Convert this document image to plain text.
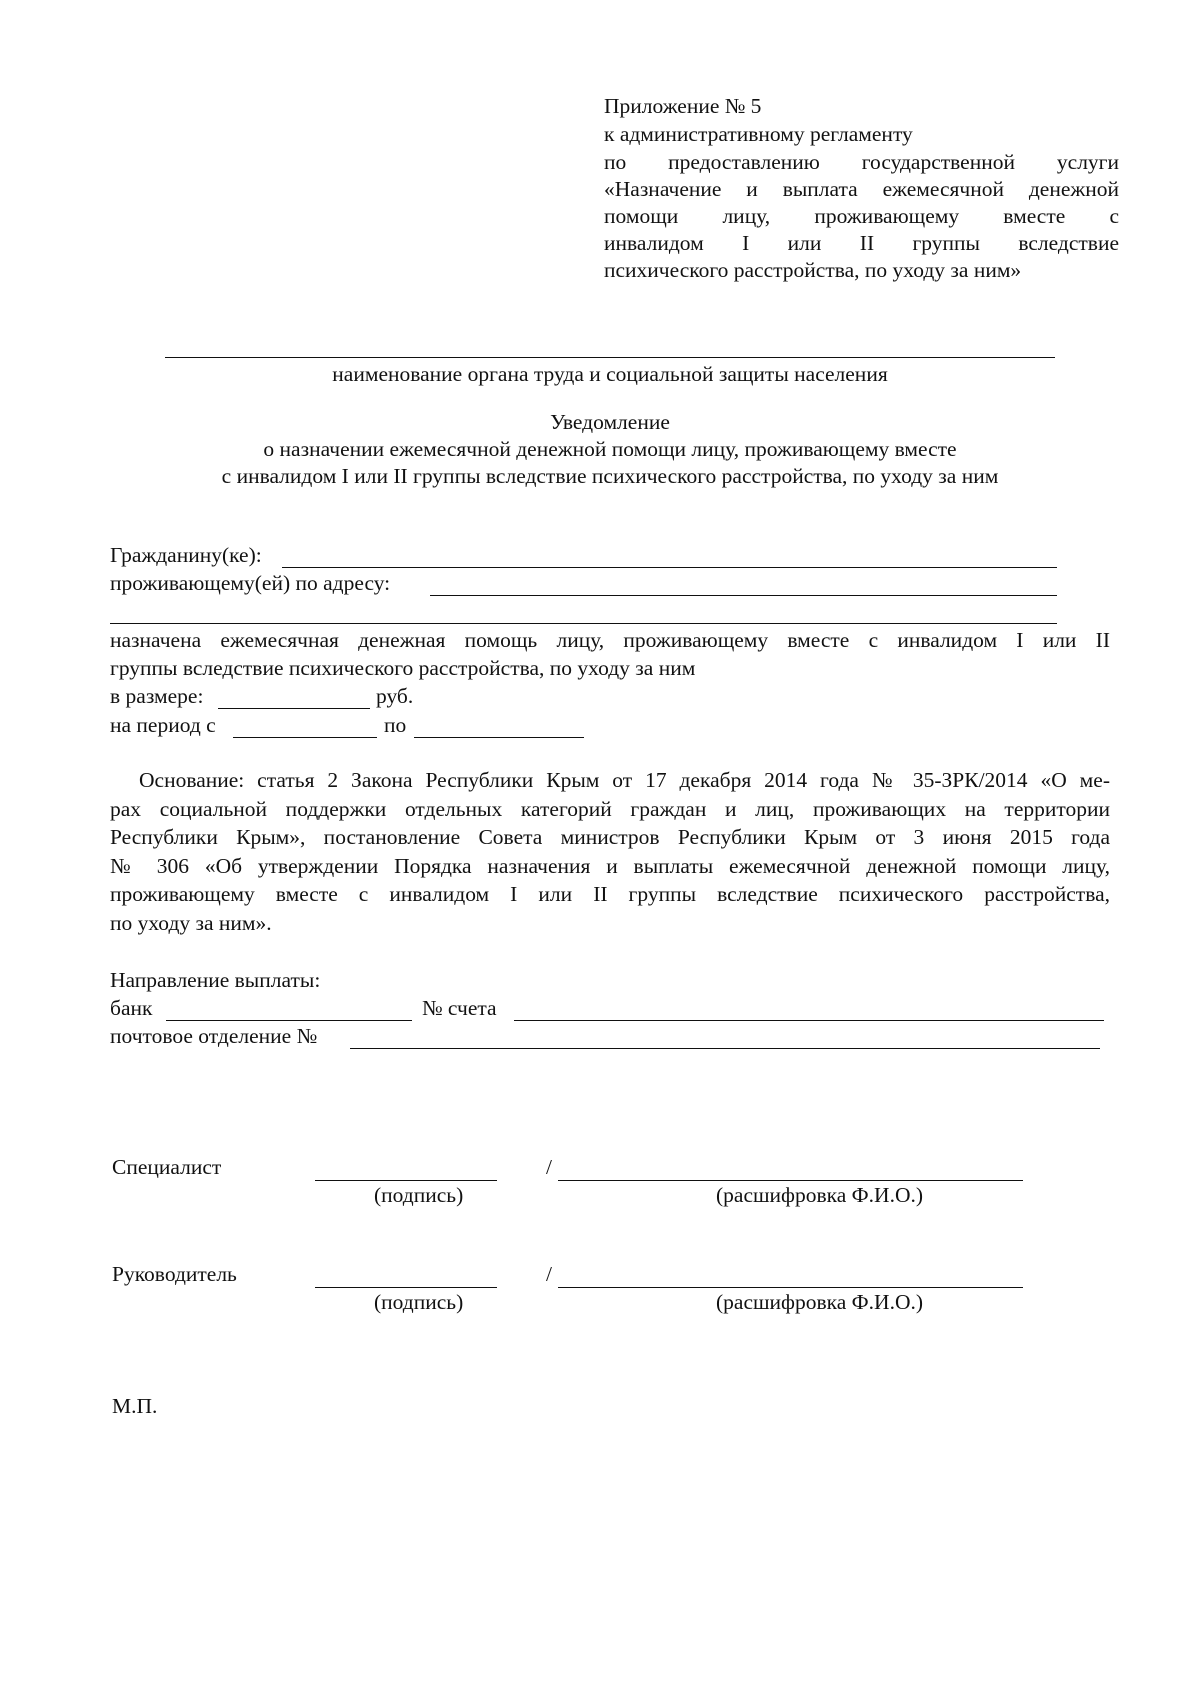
Приложение № 5
к административному регламенту
по предоставлению государственной услуги
«Назначение и выплата ежемесячной денежной
помощи лицу, проживающему вместе с
инвалидом I или II группы вследствие
психического расстройства, по уходу за ним»
наименование органа труда и социальной защиты населения
Уведомление
о назначении ежемесячной денежной помощи лицу, проживающему вместе
с инвалидом I или II группы вследствие психического расстройства, по уходу за ним
Гражданину(ке):
проживающему(ей) по адресу:
назначена ежемесячная денежная помощь лицу, проживающему вместе с инвалидом I или II
группы вследствие психического расстройства, по уходу за ним
в размере:	руб.
на период с	по
Основание: статья 2 Закона Республики Крым от 17 декабря 2014 года № 35-ЗРК/2014 «О ме-
рах социальной поддержки отдельных категорий граждан и лиц, проживающих на территории
Республики Крым», постановление Совета министров Республики Крым от 3 июня 2015 года
№ 306 «Об утверждении Порядка назначения и выплаты ежемесячной денежной помощи лицу,
проживающему вместе с инвалидом I или II группы вследствие психического расстройства,
по уходу за ним».
Направление выплаты:
банк	№ счета
почтовое отделение №
Специалист	/
(подпись)	(расшифровка Ф.И.О.)
Руководитель	/
(подпись)	(расшифровка Ф.И.О.)
М.П.
